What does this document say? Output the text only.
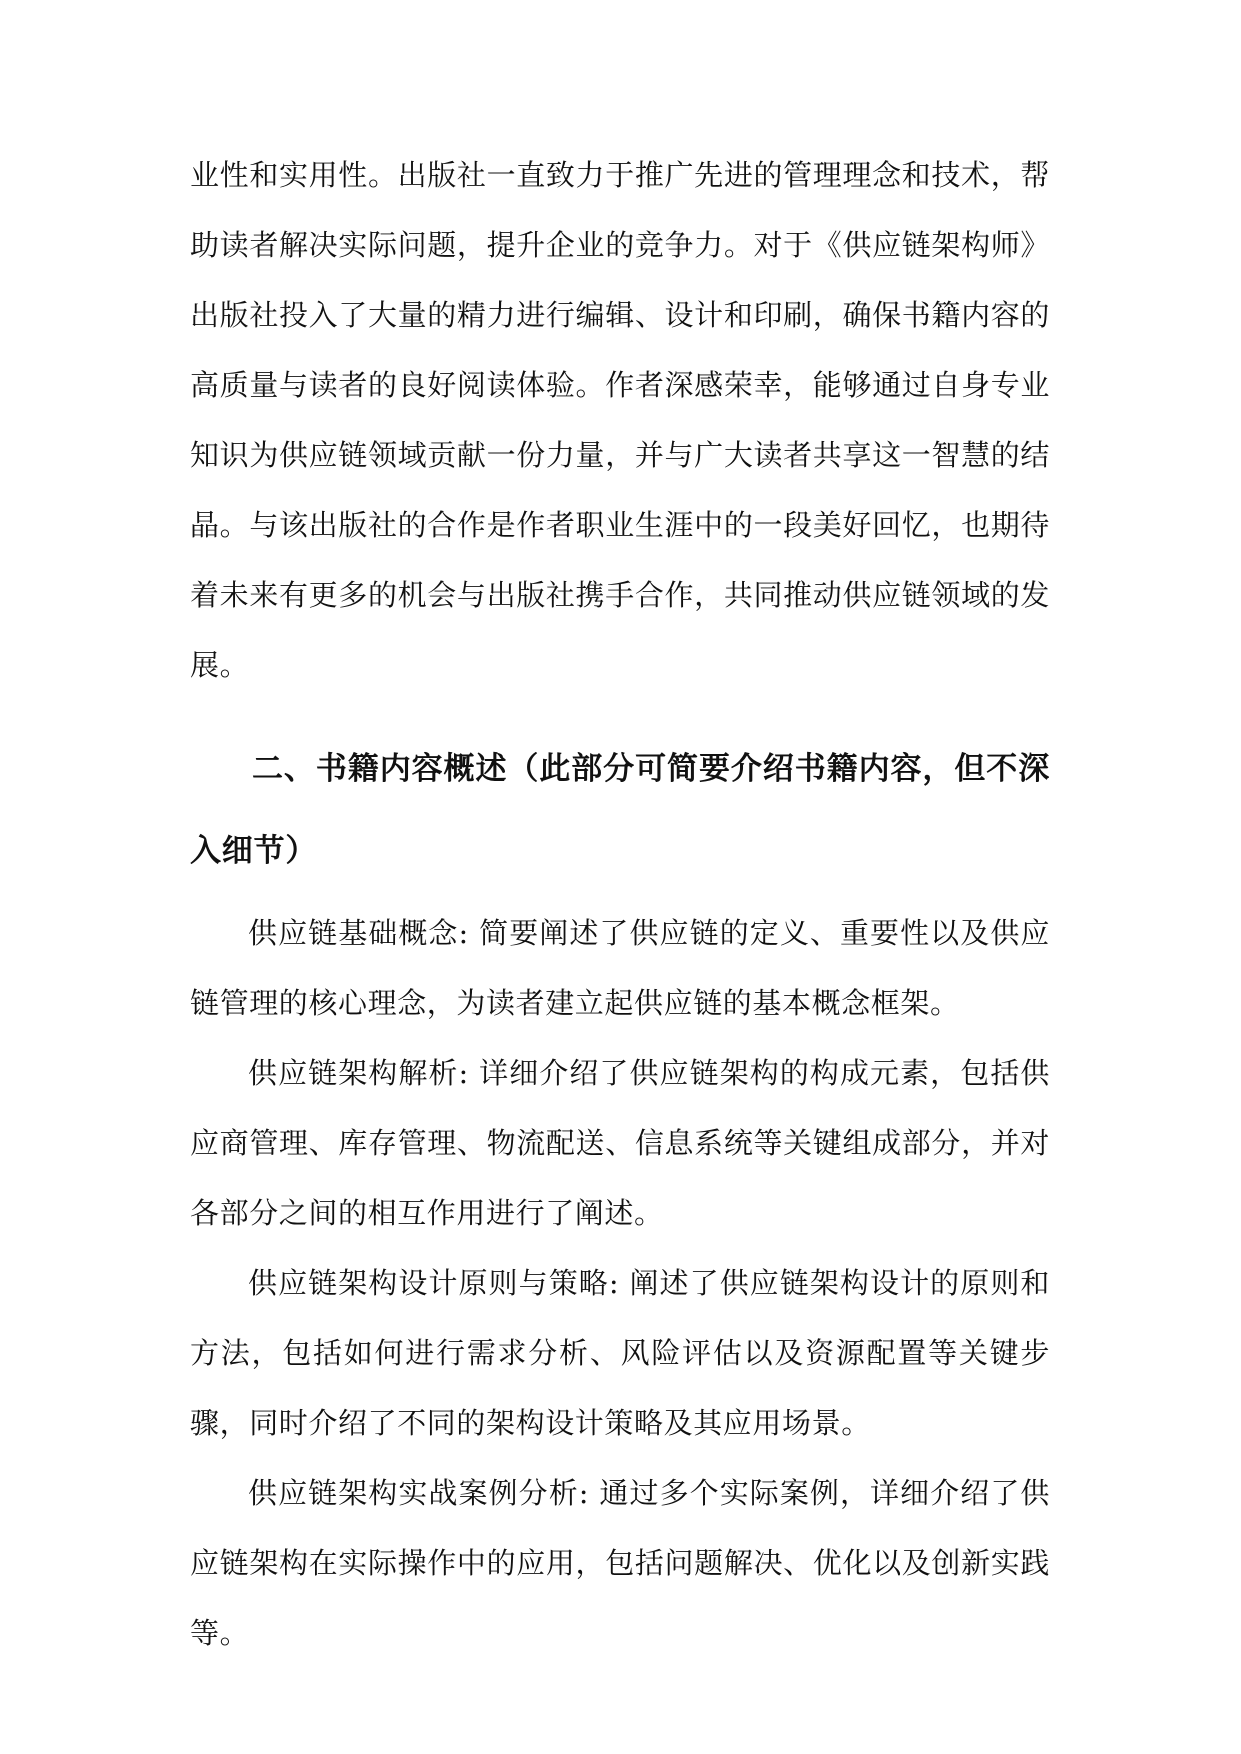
业性和实用性。出版社一直致力于推广先进的管理理念和技术，帮助读者解决实际问题，提升企业的竞争力。对于《供应链架构师》出版社投入了大量的精力进行编辑、设计和印刷，确保书籍内容的高质量与读者的良好阅读体验。作者深感荣幸，能够通过自身专业知识为供应链领域贡献一份力量，并与广大读者共享这一智慧的结晶。与该出版社的合作是作者职业生涯中的一段美好回忆，也期待着未来有更多的机会与出版社携手合作，共同推动供应链领域的发展。

二、书籍内容概述（此部分可简要介绍书籍内容，但不深入细节）

供应链基础概念: 简要阐述了供应链的定义、重要性以及供应链管理的核心理念，为读者建立起供应链的基本概念框架。

供应链架构解析: 详细介绍了供应链架构的构成元素，包括供应商管理、库存管理、物流配送、信息系统等关键组成部分，并对各部分之间的相互作用进行了阐述。

供应链架构设计原则与策略: 阐述了供应链架构设计的原则和方法，包括如何进行需求分析、风险评估以及资源配置等关键步骤，同时介绍了不同的架构设计策略及其应用场景。

供应链架构实战案例分析: 通过多个实际案例，详细介绍了供应链架构在实际操作中的应用，包括问题解决、优化以及创新实践等。
